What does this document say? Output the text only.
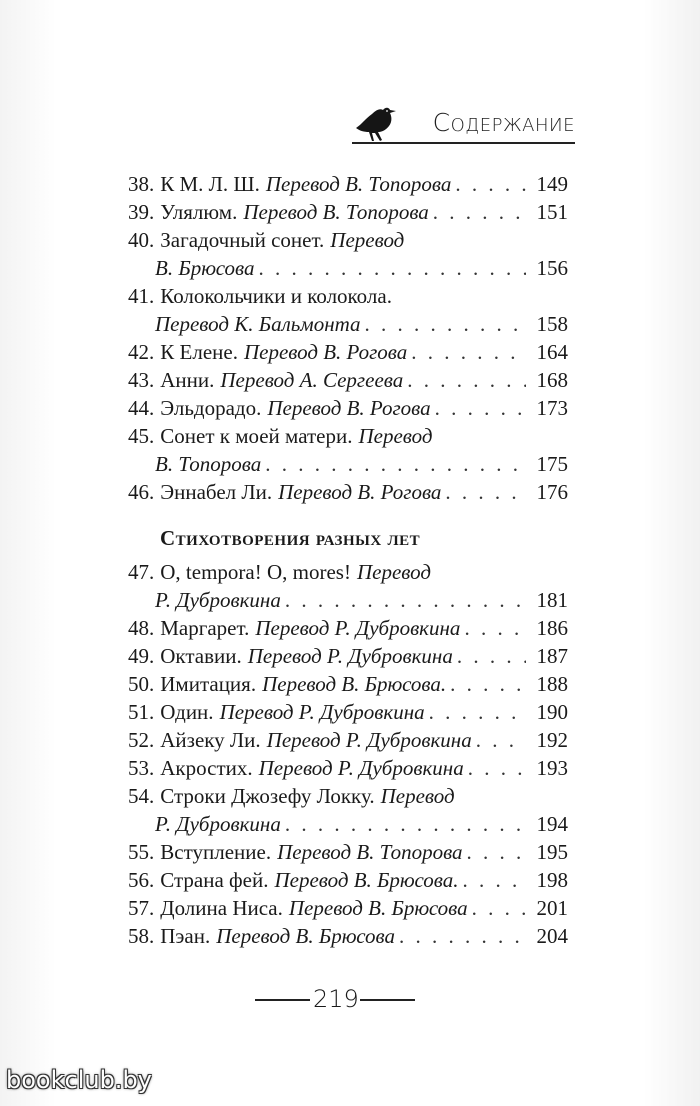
Содержание
38. К М. Л. Ш. Перевод В. Топорова . . .	149
39. Улялюм. Перевод В. Топорова . . .	151
40. Загадочный сонет. Перевод
В. Брюсова . . .	156
41. Колокольчики и колокола.
Перевод К. Бальмонта . . .	158
42. К Елене. Перевод В. Рогова . . .	164
43. Анни. Перевод А. Сергеева . . .	168
44. Эльдорадо. Перевод В. Рогова . . .	173
45. Сонет к моей матери. Перевод
В. Топорова . . .	175
46. Эннабел Ли. Перевод В. Рогова . . .	176
Стихотворения разных лет
47. O, tempora! O, mores! Перевод
Р. Дубровкина . . .	181
48. Маргарет. Перевод Р. Дубровкина . . .	186
49. Октавии. Перевод Р. Дубровкина . . .	187
50. Имитация. Перевод В. Брюсова. . . .	188
51. Один. Перевод Р. Дубровкина . . .	190
52. Айзеку Ли. Перевод Р. Дубровкина . . .	192
53. Акростих. Перевод Р. Дубровкина . . .	193
54. Строки Джозефу Локку. Перевод
Р. Дубровкина . . .	194
55. Вступление. Перевод В. Топорова . . .	195
56. Страна фей. Перевод В. Брюсова. . . .	198
57. Долина Ниса. Перевод В. Брюсова . . .	201
58. Пэан. Перевод В. Брюсова . . .	204
219
bookclub.by
